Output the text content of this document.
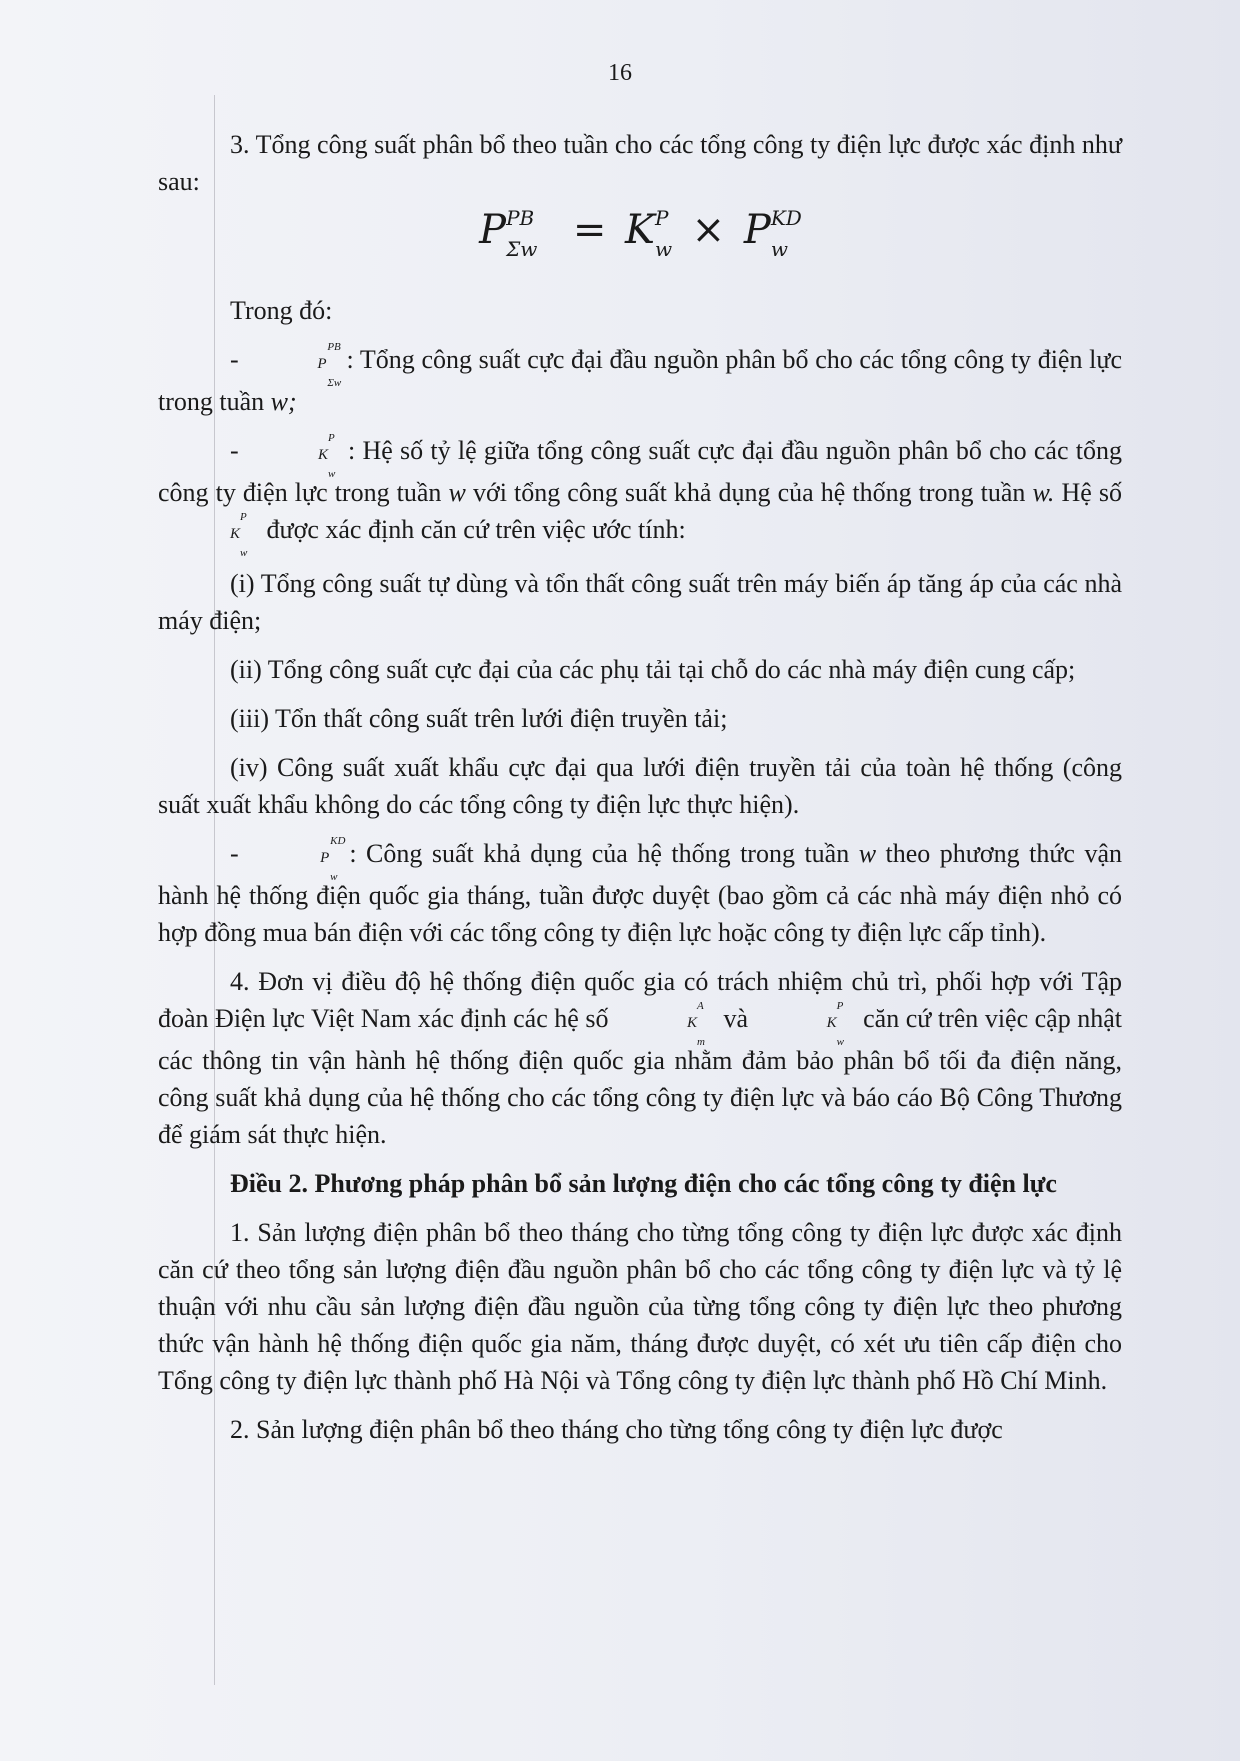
16

3. Tổng công suất phân bổ theo tuần cho các tổng công ty điện lực được xác định như sau:

P PB
Σw = K P
w × P KD
w

Trong đó:

-	P
PB
Σw
: Tổng công suất cực đại đầu nguồn phân bổ cho các tổng công ty điện lực trong tuần w;

-	K
P
w
: Hệ số tỷ lệ giữa tổng công suất cực đại đầu nguồn phân bổ cho các tổng công ty điện lực trong tuần w với tổng công suất khả dụng của hệ thống trong tuần w. Hệ số K
P
w
được xác định căn cứ trên việc ước tính:

(i) Tổng công suất tự dùng và tổn thất công suất trên máy biến áp tăng áp của các nhà máy điện;

(ii) Tổng công suất cực đại của các phụ tải tại chỗ do các nhà máy điện cung cấp;

(iii) Tổn thất công suất trên lưới điện truyền tải;

(iv) Công suất xuất khẩu cực đại qua lưới điện truyền tải của toàn hệ thống (công suất xuất khẩu không do các tổng công ty điện lực thực hiện).

-	P
KD
w
: Công suất khả dụng của hệ thống trong tuần w theo phương thức vận hành hệ thống điện quốc gia tháng, tuần được duyệt (bao gồm cả các nhà máy điện nhỏ có hợp đồng mua bán điện với các tổng công ty điện lực hoặc công ty điện lực cấp tỉnh).

4. Đơn vị điều độ hệ thống điện quốc gia có trách nhiệm chủ trì, phối hợp với Tập đoàn Điện lực Việt Nam xác định các hệ số	K
A
m
và	K
P
w
căn cứ trên việc cập nhật các thông tin vận hành hệ thống điện quốc gia nhằm đảm bảo phân bổ tối đa điện năng, công suất khả dụng của hệ thống cho các tổng công ty điện lực và báo cáo Bộ Công Thương để giám sát thực hiện.

Điều 2. Phương pháp phân bổ sản lượng điện cho các tổng công ty điện lực

1. Sản lượng điện phân bổ theo tháng cho từng tổng công ty điện lực được xác định căn cứ theo tổng sản lượng điện đầu nguồn phân bổ cho các tổng công ty điện lực và tỷ lệ thuận với nhu cầu sản lượng điện đầu nguồn của từng tổng công ty điện lực theo phương thức vận hành hệ thống điện quốc gia năm, tháng được duyệt, có xét ưu tiên cấp điện cho Tổng công ty điện lực thành phố Hà Nội và Tổng công ty điện lực thành phố Hồ Chí Minh.

2. Sản lượng điện phân bổ theo tháng cho từng tổng công ty điện lực được
